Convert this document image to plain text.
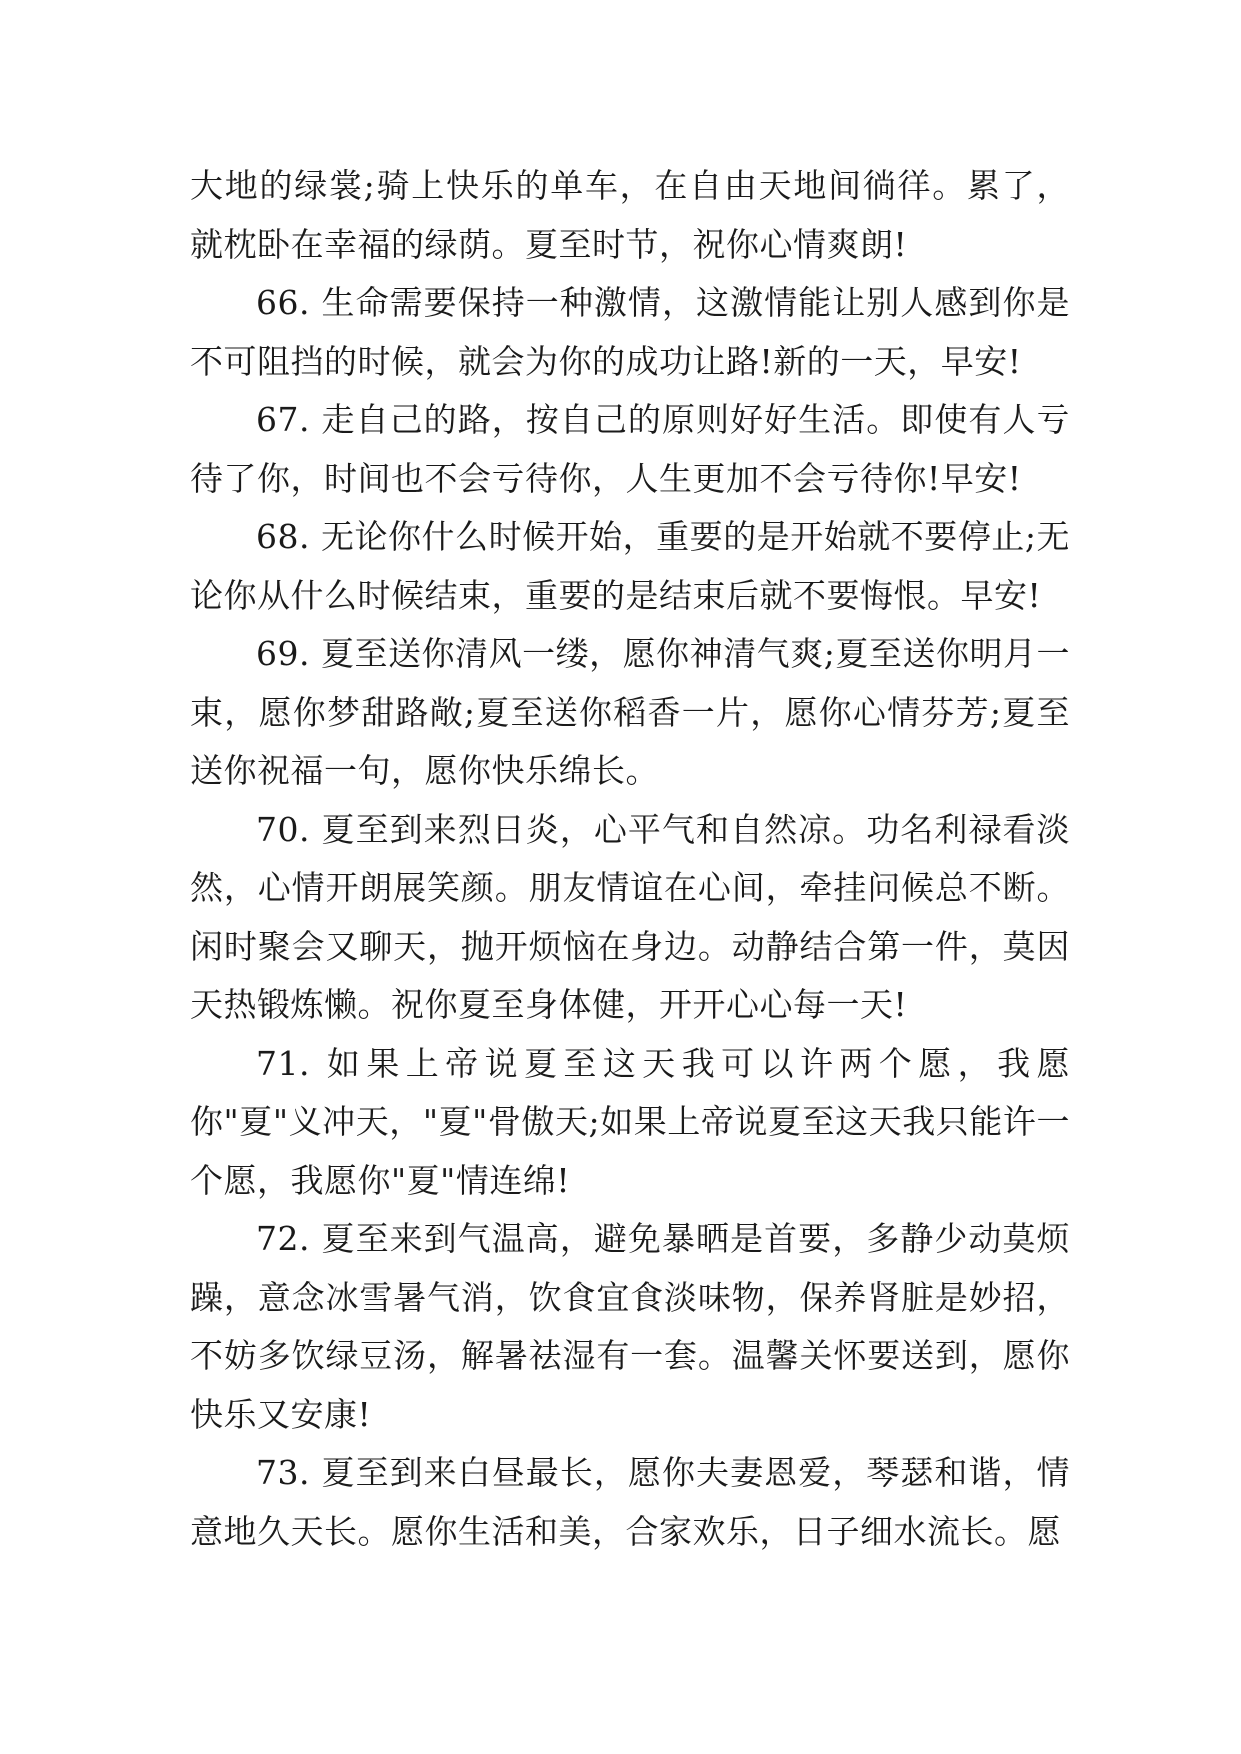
大地的绿裳;骑上快乐的单车，在自由天地间徜徉。累了，就枕卧在幸福的绿荫。夏至时节，祝你心情爽朗!

66. 生命需要保持一种激情，这激情能让别人感到你是不可阻挡的时候，就会为你的成功让路!新的一天，早安!

67. 走自己的路，按自己的原则好好生活。即使有人亏待了你，时间也不会亏待你，人生更加不会亏待你!早安!

68. 无论你什么时候开始，重要的是开始就不要停止;无论你从什么时候结束，重要的是结束后就不要悔恨。早安!

69. 夏至送你清风一缕，愿你神清气爽;夏至送你明月一束，愿你梦甜路敞;夏至送你稻香一片，愿你心情芬芳;夏至送你祝福一句，愿你快乐绵长。

70. 夏至到来烈日炎，心平气和自然凉。功名利禄看淡然，心情开朗展笑颜。朋友情谊在心间，牵挂问候总不断。闲时聚会又聊天，抛开烦恼在身边。动静结合第一件，莫因天热锻炼懒。祝你夏至身体健，开开心心每一天!

71. 如果上帝说夏至这天我可以许两个愿，我愿你"夏"义冲天，"夏"骨傲天;如果上帝说夏至这天我只能许一个愿，我愿你"夏"情连绵!

72. 夏至来到气温高，避免暴晒是首要，多静少动莫烦躁，意念冰雪暑气消，饮食宜食淡味物，保养肾脏是妙招，不妨多饮绿豆汤，解暑祛湿有一套。温馨关怀要送到，愿你快乐又安康!

73. 夏至到来白昼最长，愿你夫妻恩爱，琴瑟和谐，情意地久天长。愿你生活和美，合家欢乐，日子细水流长。愿
